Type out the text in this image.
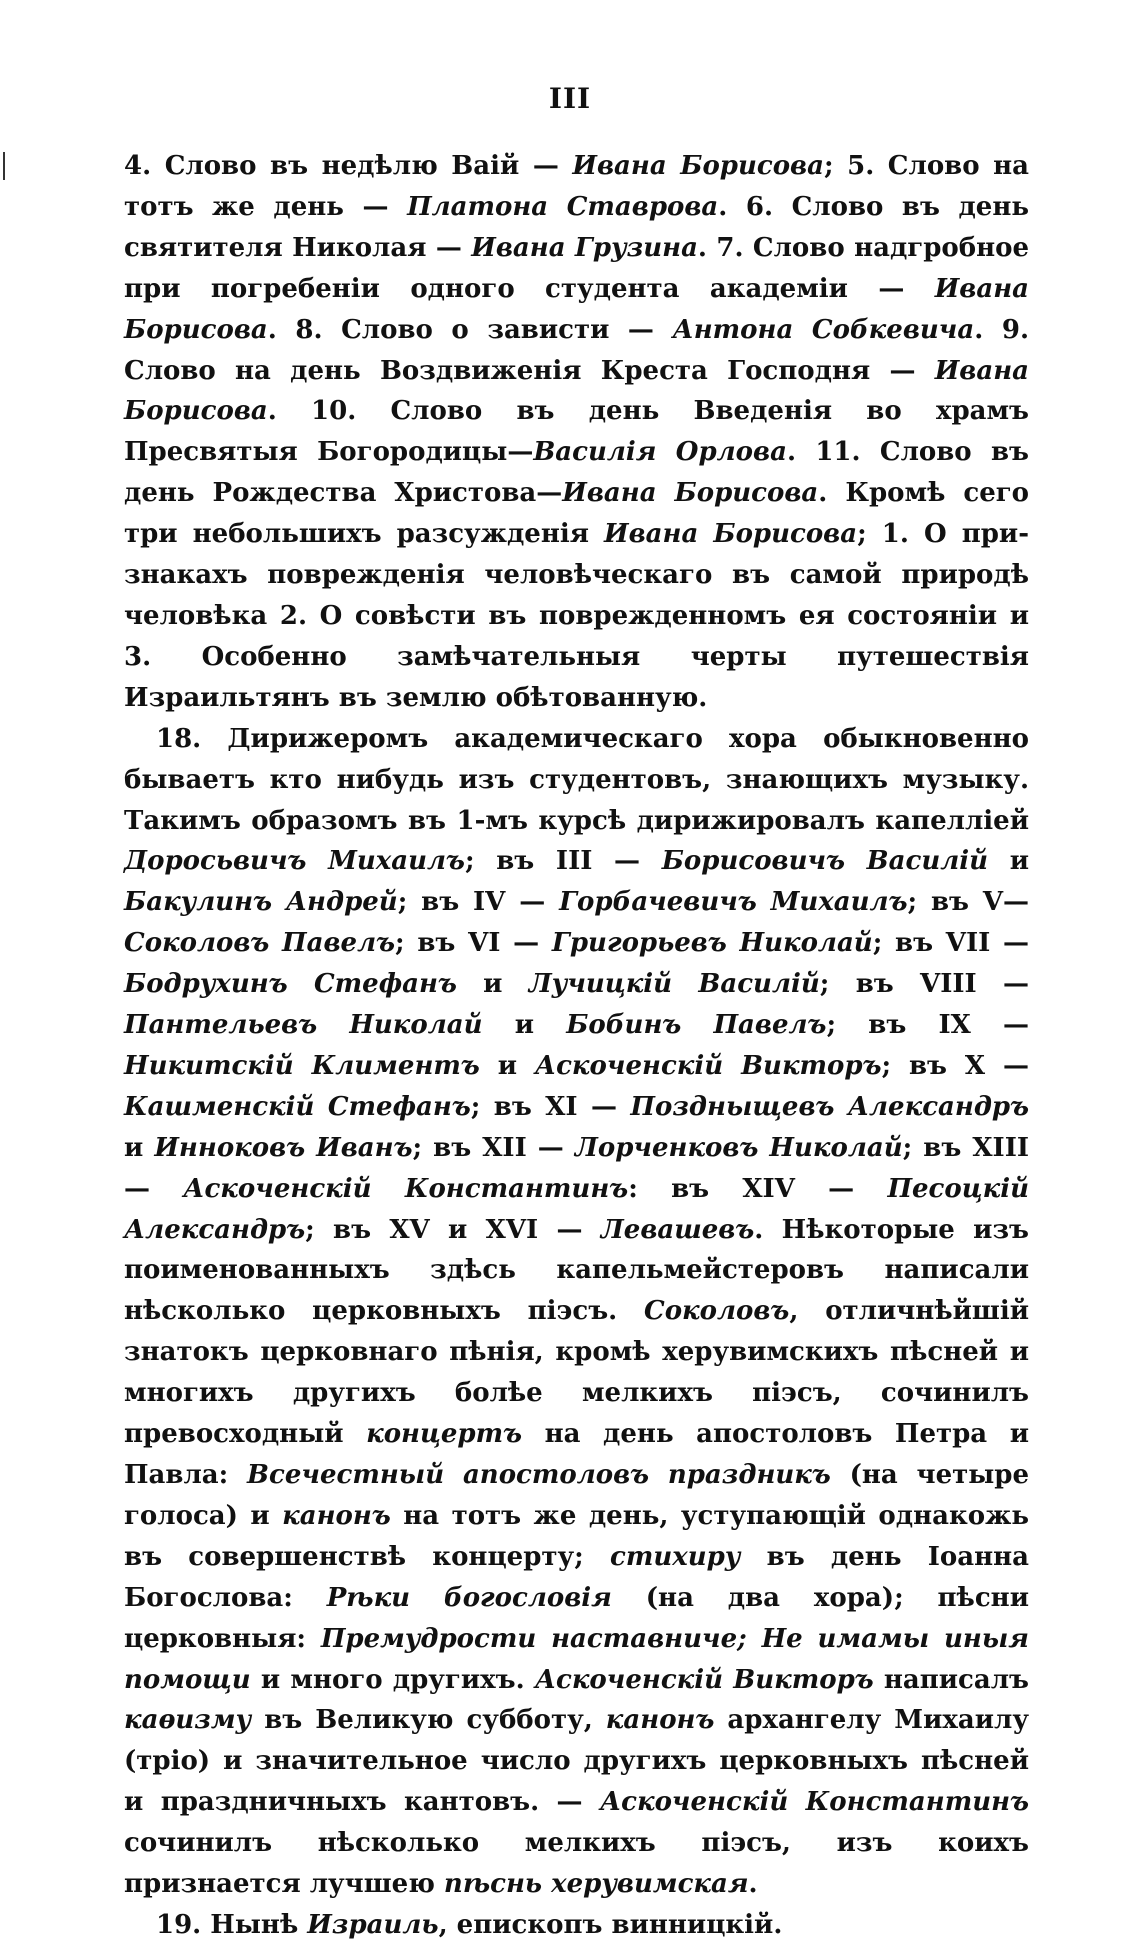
III

4. Слово въ недѣлю Ваій — Ивана Борисова; 5. Слово на тотъ же день — Платона Ставрова. 6. Слово въ день святителя Николая — Ивана Грузина. 7. Слово надгробное при погребеніи одного студента академіи — Ивана Борисова. 8. Слово о зависти — Антона Собкевича. 9. Слово на день Воздвиженія Креста Господня — Ивана Борисова. 10. Слово въ день Введенія во храмъ Пресвятыя Богородицы—Василія Орлова. 11. Слово въ день Рождества Христова—Ивана Борисова. Кромѣ сего три небольшихъ разсужденія Ивана Борисова; 1. О признакахъ поврежденія человѣческаго въ самой природѣ человѣка 2. О совѣсти въ поврежденномъ ея состояніи и 3. Особенно замѣчательныя черты путешествія Израильтянъ въ землю обѣтованную.

18. Дирижеромъ академическаго хора обыкновенно бываетъ кто нибудь изъ студентовъ, знающихъ музыку. Такимъ образомъ въ 1-мъ курсѣ дирижировалъ капелліей Доросьвичъ Михаилъ; въ III — Борисовичъ Василій и Бакулинъ Андрей; въ IV — Горбачевичъ Михаилъ; въ V—Соколовъ Павелъ; въ VI — Григорьевъ Николай; въ VII — Бодрухинъ Стефанъ и Лучицкій Василій; въ VIII — Пантельевъ Николай и Бобинъ Павелъ; въ IX — Никитскій Климентъ и Аскоченскій Викторъ; въ X — Кашменскій Стефанъ; въ XI — Поздныщевъ Александръ и Инноковъ Иванъ; въ XII — Лорченковъ Николай; въ XIII — Аскоченскій Константинъ: въ XIV — Песоцкій Александръ; въ XV и XVI — Левашевъ. Нѣкоторые изъ поименованныхъ здѣсь капельмейстеровъ написали нѣсколько церковныхъ піэсъ. Соколовъ, отличнѣйшій знатокъ церковнаго пѣнія, кромѣ херувимскихъ пѣсней и многихъ другихъ болѣе мелкихъ піэсъ, сочинилъ превосходный концертъ на день апостоловъ Петра и Павла: Всечестный апостоловъ праздникъ (на четыре голоса) и канонъ на тотъ же день, уступающій однакожь въ совершенствѣ концерту; стихиру въ день Іоанна Богослова: Рѣки богословія (на два хора); пѣсни церковныя: Премудрости наставниче; Не имамы иныя помощи и много другихъ. Аскоченскій Викторъ написалъ каѳизму въ Великую субботу, канонъ архангелу Михаилу (тріо) и значительное число другихъ церковныхъ пѣсней и праздничныхъ кантовъ. — Аскоченскій Константинъ сочинилъ нѣсколько мелкихъ піэсъ, изъ коихъ признается лучшею пѣснь херувимская.

19. Нынѣ Израиль, епископъ винницкій.
